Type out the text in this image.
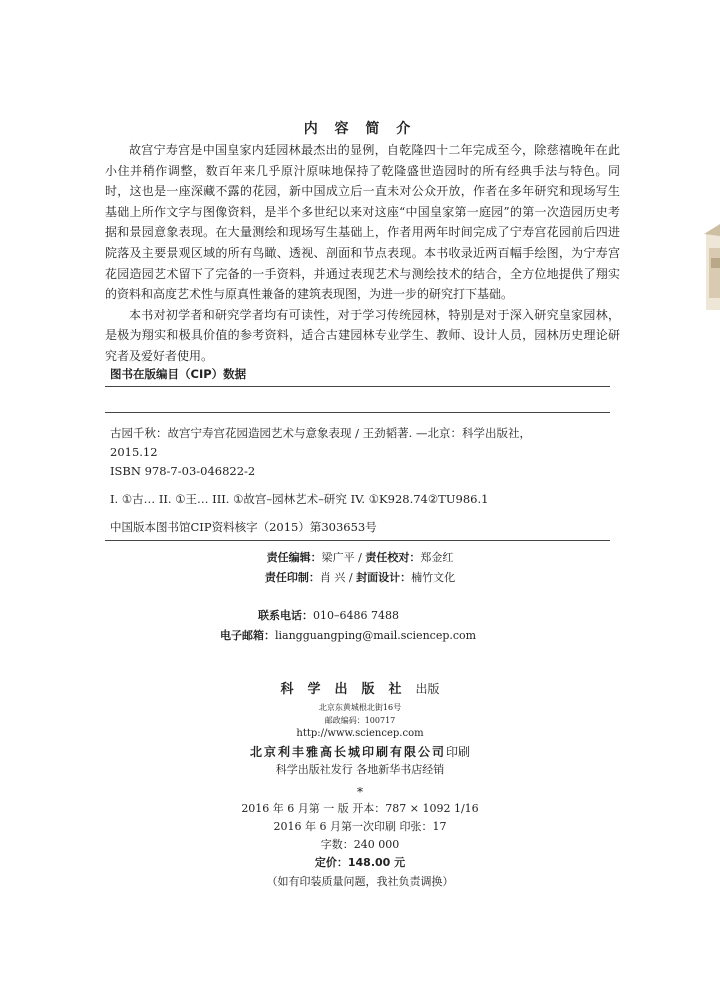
内 容 简 介

故宫宁寿宫是中国皇家内廷园林最杰出的显例，自乾隆四十二年完成至今，除慈禧晚年在此小住并稍作调整，数百年来几乎原汁原味地保持了乾隆盛世造园时的所有经典手法与特色。同时，这也是一座深藏不露的花园，新中国成立后一直未对公众开放，作者在多年研究和现场写生基础上所作文字与图像资料，是半个多世纪以来对这座“中国皇家第一庭园”的第一次造园历史考据和景园意象表现。在大量测绘和现场写生基础上，作者用两年时间完成了宁寿宫花园前后四进院落及主要景观区域的所有鸟瞰、透视、剖面和节点表现。本书收录近两百幅手绘图，为宁寿宫花园造园艺术留下了完备的一手资料，并通过表现艺术与测绘技术的结合，全方位地提供了翔实的资料和高度艺术性与原真性兼备的建筑表现图，为进一步的研究打下基础。

本书对初学者和研究学者均有可读性，对于学习传统园林，特别是对于深入研究皇家园林，是极为翔实和极具价值的参考资料，适合古建园林专业学生、教师、设计人员，园林历史理论研究者及爱好者使用。

图书在版编目（CIP）数据
古园千秋：故宫宁寿宫花园造园艺术与意象表现 / 王劲韬著. —北京：科学出版社，
2015.12
ISBN 978-7-03-046822-2
I. ①古… II. ①王… III. ①故宫–园林艺术–研究 IV. ①K928.74②TU986.1
中国版本图书馆CIP资料核字（2015）第303653号
责任编辑：梁广平 / 责任校对：郑金红
责任印制：肖 兴 / 封面设计：楠竹文化
联系电话：010–6486 7488
电子邮箱：liangguangping@mail.sciencep.com
科学出版社出版
北京东黄城根北街16号
邮政编码：100717
http://www.sciencep.com
北京利丰雅高长城印刷有限公司印刷
科学出版社发行 各地新华书店经销
*
2016 年 6 月第 一 版 开本：787 × 1092 1/16
2016 年 6 月第一次印刷 印张：17
字数：240 000
定价：148.00 元
（如有印装质量问题，我社负责调换）
